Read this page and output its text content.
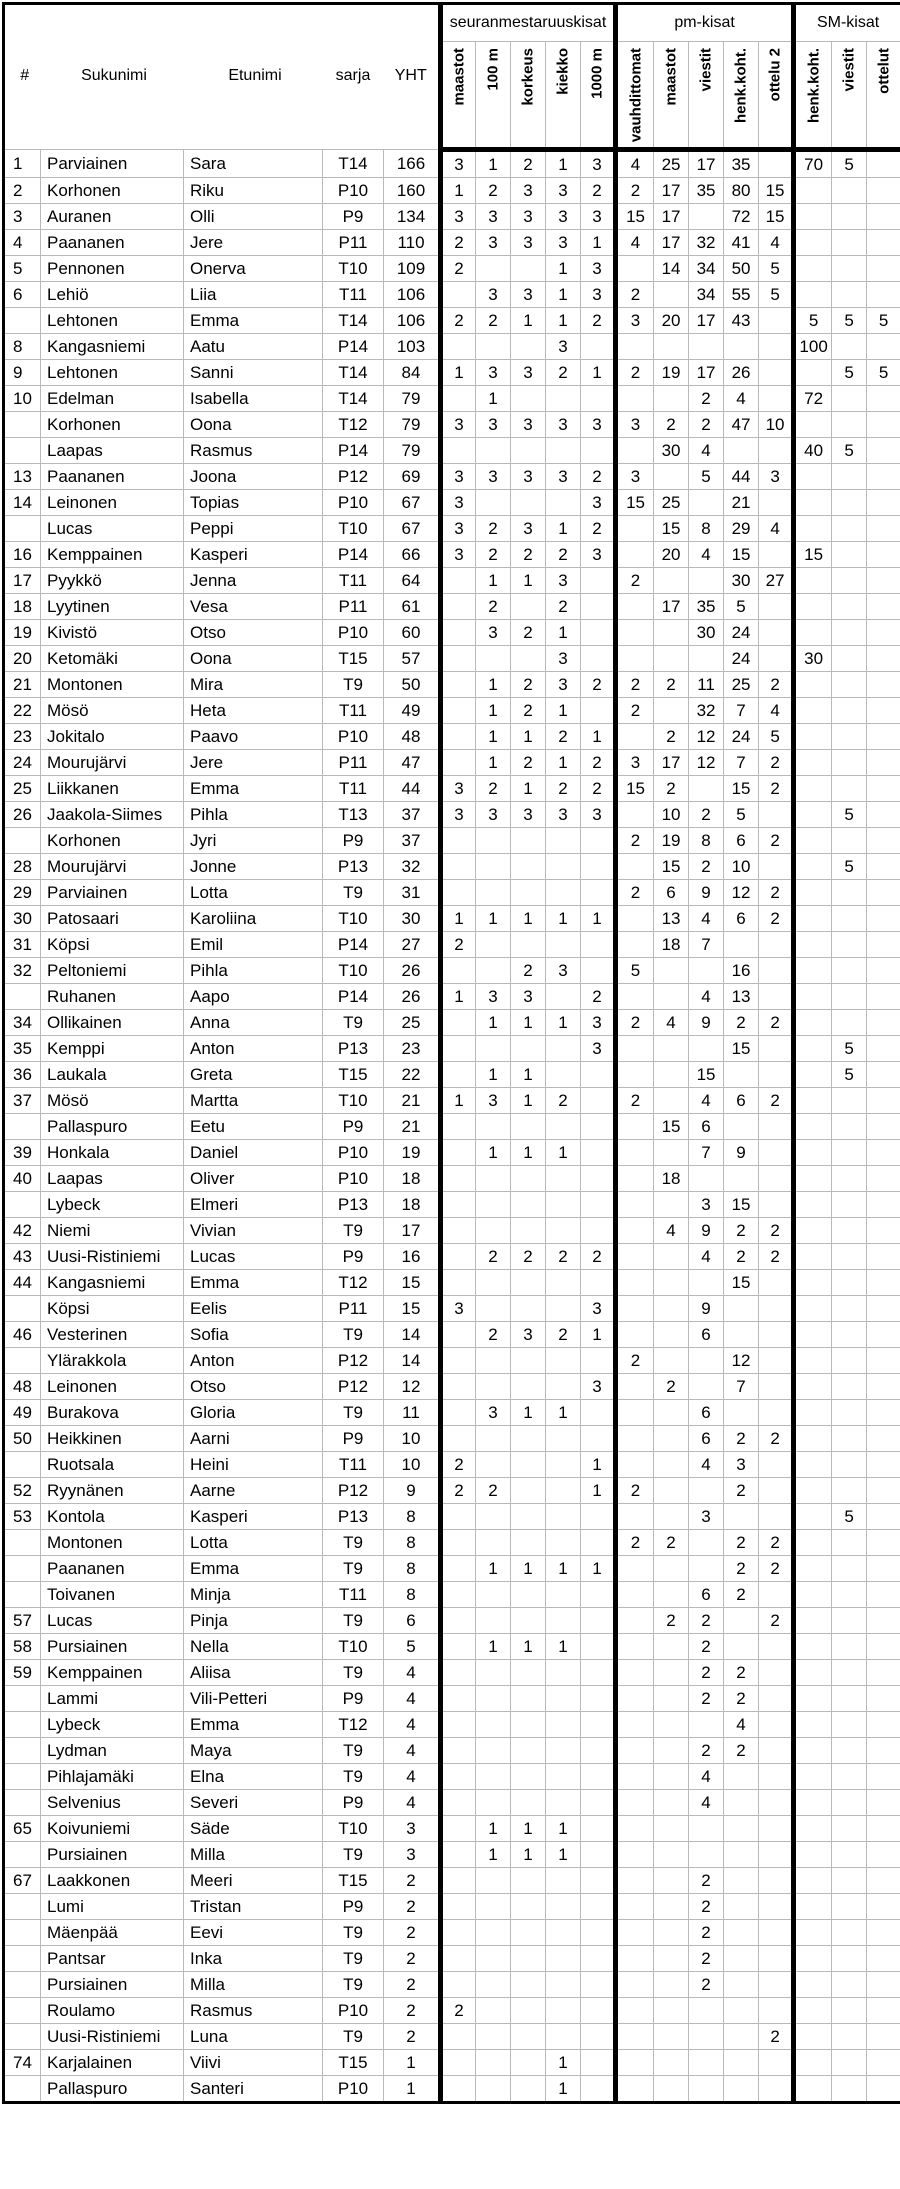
#	Sukunimi	Etunimi	sarja	YHT	seuranmestaruuskisat					pm-kisat					SM-kisat		

					maastot	100 m	korkeus	kiekko	1000 m	vauhdittomat	maastot	viestit	henk.koht.	ottelu 2	henk.koht.	viestit	ottelut

1	Parviainen	Sara	T14	166	3	1	2	1	3	4	25	17	35		70	5	
2	Korhonen	Riku	P10	160	1	2	3	3	2	2	17	35	80	15			
3	Auranen	Olli	P9	134	3	3	3	3	3	15	17		72	15			
4	Paananen	Jere	P11	110	2	3	3	3	1	4	17	32	41	4			
5	Pennonen	Onerva	T10	109	2			1	3		14	34	50	5			
6	Lehiö	Liia	T11	106		3	3	1	3	2		34	55	5			
	Lehtonen	Emma	T14	106	2	2	1	1	2	3	20	17	43		5	5	5
8	Kangasniemi	Aatu	P14	103				3							100		
9	Lehtonen	Sanni	T14	84	1	3	3	2	1	2	19	17	26			5	5
10	Edelman	Isabella	T14	79		1						2	4		72		
	Korhonen	Oona	T12	79	3	3	3	3	3	3	2	2	47	10			
	Laapas	Rasmus	P14	79							30	4			40	5	
13	Paananen	Joona	P12	69	3	3	3	3	2	3		5	44	3			
14	Leinonen	Topias	P10	67	3				3	15	25		21				
	Lucas	Peppi	T10	67	3	2	3	1	2		15	8	29	4			
16	Kemppainen	Kasperi	P14	66	3	2	2	2	3		20	4	15		15		
17	Pyykkö	Jenna	T11	64		1	1	3		2			30	27			
18	Lyytinen	Vesa	P11	61		2		2			17	35	5				
19	Kivistö	Otso	P10	60		3	2	1				30	24				
20	Ketomäki	Oona	T15	57				3					24		30		
21	Montonen	Mira	T9	50		1	2	3	2	2	2	11	25	2			
22	Mösö	Heta	T11	49		1	2	1		2		32	7	4			
23	Jokitalo	Paavo	P10	48		1	1	2	1		2	12	24	5			
24	Mourujärvi	Jere	P11	47		1	2	1	2	3	17	12	7	2			
25	Liikkanen	Emma	T11	44	3	2	1	2	2	15	2		15	2			
26	Jaakola-Siimes	Pihla	T13	37	3	3	3	3	3		10	2	5			5	
	Korhonen	Jyri	P9	37						2	19	8	6	2			
28	Mourujärvi	Jonne	P13	32							15	2	10			5	
29	Parviainen	Lotta	T9	31						2	6	9	12	2			
30	Patosaari	Karoliina	T10	30	1	1	1	1	1		13	4	6	2			
31	Köpsi	Emil	P14	27	2						18	7					
32	Peltoniemi	Pihla	T10	26			2	3		5			16				
	Ruhanen	Aapo	P14	26	1	3	3		2			4	13				
34	Ollikainen	Anna	T9	25		1	1	1	3	2	4	9	2	2			
35	Kemppi	Anton	P13	23					3				15			5	
36	Laukala	Greta	T15	22		1	1					15				5	
37	Mösö	Martta	T10	21	1	3	1	2		2		4	6	2			
	Pallaspuro	Eetu	P9	21							15	6					
39	Honkala	Daniel	P10	19		1	1	1				7	9				
40	Laapas	Oliver	P10	18							18						
	Lybeck	Elmeri	P13	18								3	15				
42	Niemi	Vivian	T9	17							4	9	2	2			
43	Uusi-Ristiniemi	Lucas	P9	16		2	2	2	2			4	2	2			
44	Kangasniemi	Emma	T12	15									15				
	Köpsi	Eelis	P11	15	3				3			9					
46	Vesterinen	Sofia	T9	14		2	3	2	1			6					
	Ylärakkola	Anton	P12	14						2			12				
48	Leinonen	Otso	P12	12					3		2		7				
49	Burakova	Gloria	T9	11		3	1	1				6					
50	Heikkinen	Aarni	P9	10								6	2	2			
	Ruotsala	Heini	T11	10	2				1			4	3				
52	Ryynänen	Aarne	P12	9	2	2			1	2			2				
53	Kontola	Kasperi	P13	8								3				5	
	Montonen	Lotta	T9	8						2	2		2	2			
	Paananen	Emma	T9	8		1	1	1	1				2	2			
	Toivanen	Minja	T11	8								6	2				
57	Lucas	Pinja	T9	6							2	2		2			
58	Pursiainen	Nella	T10	5		1	1	1				2					
59	Kemppainen	Aliisa	T9	4								2	2				
	Lammi	Vili-Petteri	P9	4								2	2				
	Lybeck	Emma	T12	4									4				
	Lydman	Maya	T9	4								2	2				
	Pihlajamäki	Elna	T9	4								4					
	Selvenius	Severi	P9	4								4					
65	Koivuniemi	Säde	T10	3		1	1	1									
	Pursiainen	Milla	T9	3		1	1	1									
67	Laakkonen	Meeri	T15	2								2					
	Lumi	Tristan	P9	2								2					
	Mäenpää	Eevi	T9	2								2					
	Pantsar	Inka	T9	2								2					
	Pursiainen	Milla	T9	2								2					
	Roulamo	Rasmus	P10	2	2												
	Uusi-Ristiniemi	Luna	T9	2										2			
74	Karjalainen	Viivi	T15	1				1									
	Pallaspuro	Santeri	P10	1				1									
